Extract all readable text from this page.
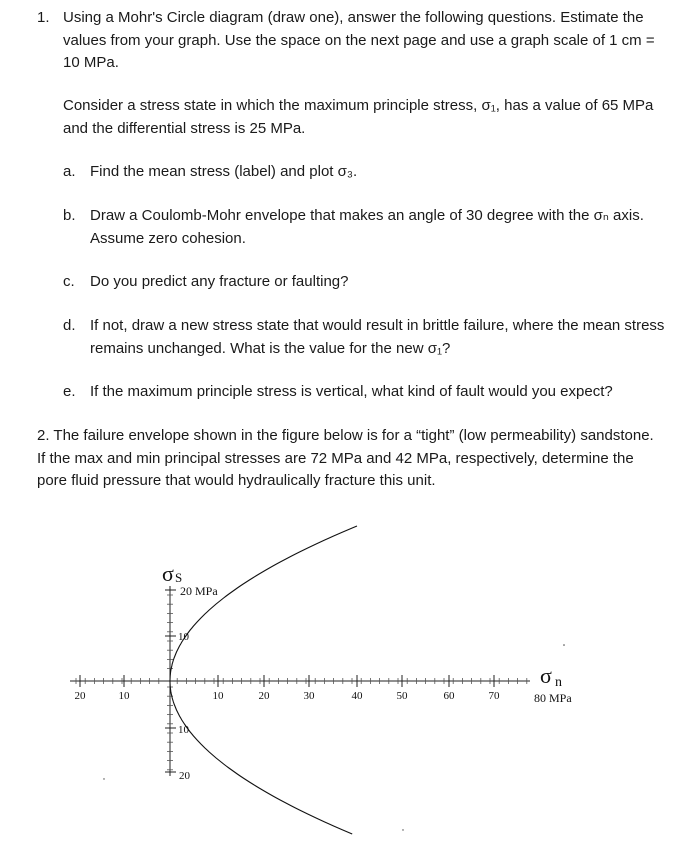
1. Using a Mohr's Circle diagram (draw one), answer the following questions. Estimate the values from your graph. Use the space on the next page and use a graph scale of 1 cm = 10 MPa.
Consider a stress state in which the maximum principle stress, σ₁, has a value of 65 MPa and the differential stress is 25 MPa.
a. Find the mean stress (label) and plot σ₃.
b. Draw a Coulomb-Mohr envelope that makes an angle of 30 degree with the σₙ axis. Assume zero cohesion.
c. Do you predict any fracture or faulting?
d. If not, draw a new stress state that would result in brittle failure, where the mean stress remains unchanged. What is the value for the new σ₁?
e. If the maximum principle stress is vertical, what kind of fault would you expect?
2. The failure envelope shown in the figure below is for a “tight” (low permeability) sandstone. If the max and min principal stresses are 72 MPa and 42 MPa, respectively, determine the pore fluid pressure that would hydraulically fracture this unit.
20	10	10	20	30	40	50	60	70
10
10
20
σ S
20 MPa
σ n
80 MPa
